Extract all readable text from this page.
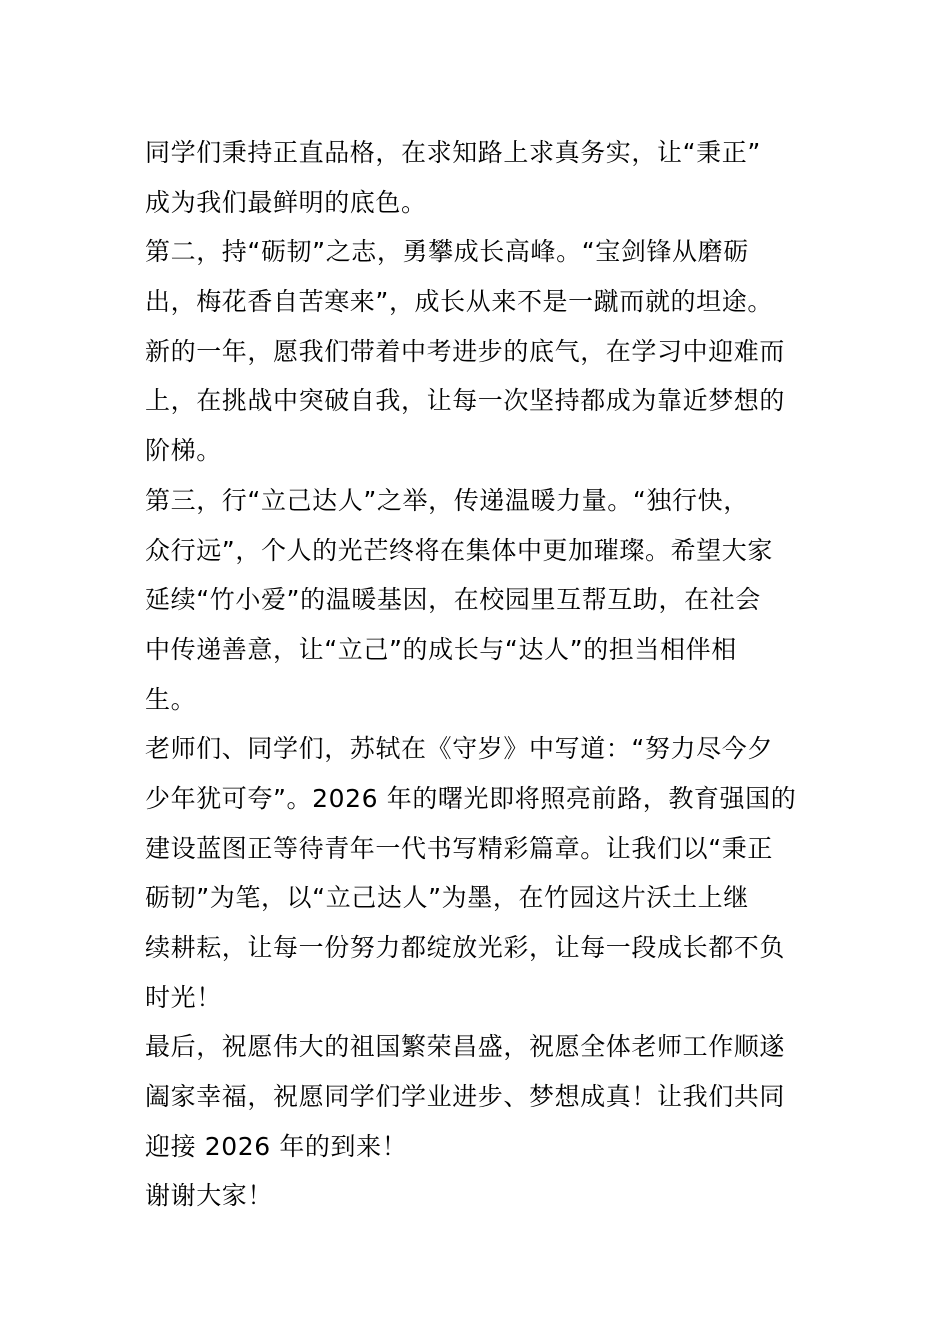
同学们秉持正直品格，在求知路上求真务实，让“秉正”
成为我们最鲜明的底色。
第二，持“砺韧”之志，勇攀成长高峰。“宝剑锋从磨砺
出，梅花香自苦寒来”，成长从来不是一蹴而就的坦途。
新的一年，愿我们带着中考进步的底气，在学习中迎难而
上，在挑战中突破自我，让每一次坚持都成为靠近梦想的
阶梯。
第三，行“立己达人”之举，传递温暖力量。“独行快，
众行远”，个人的光芒终将在集体中更加璀璨。希望大家
延续“竹小爱”的温暖基因，在校园里互帮互助，在社会
中传递善意，让“立己”的成长与“达人”的担当相伴相
生。
老师们、同学们，苏轼在《守岁》中写道：“努力尽今夕
少年犹可夸”。2026 年的曙光即将照亮前路，教育强国的
建设蓝图正等待青年一代书写精彩篇章。让我们以“秉正
砺韧”为笔，以“立己达人”为墨，在竹园这片沃土上继
续耕耘，让每一份努力都绽放光彩，让每一段成长都不负
时光！
最后，祝愿伟大的祖国繁荣昌盛，祝愿全体老师工作顺遂
阖家幸福，祝愿同学们学业进步、梦想成真！让我们共同
迎接 2026 年的到来！
谢谢大家！
